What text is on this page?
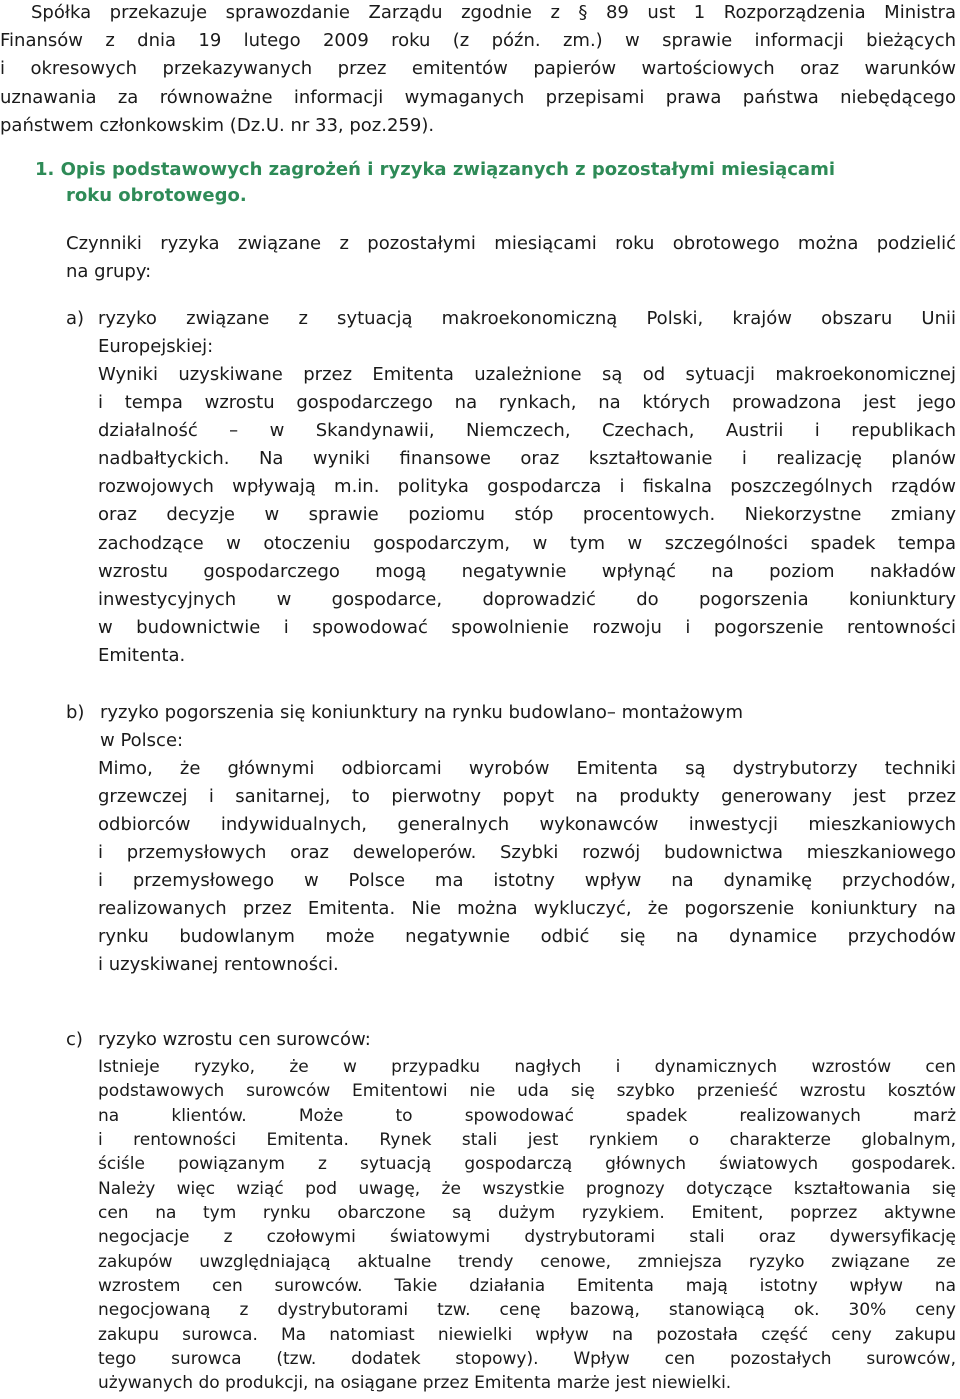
Spółka przekazuje sprawozdanie Zarządu zgodnie z § 89 ust 1 Rozporządzenia Ministra
Finansów z dnia 19 lutego 2009 roku (z późn. zm.) w sprawie informacji bieżących
i okresowych przekazywanych przez emitentów papierów wartościowych oraz warunków
uznawania za równoważne informacji wymaganych przepisami prawa państwa niebędącego
państwem członkowskim (Dz.U. nr 33, poz.259).
1. Opis podstawowych zagrożeń i ryzyka związanych z pozostałymi miesiącami
roku obrotowego.
Czynniki ryzyka związane z pozostałymi miesiącami roku obrotowego można podzielić
na grupy:
a) ryzyko związane z sytuacją makroekonomiczną Polski, krajów obszaru Unii
Europejskiej:
Wyniki uzyskiwane przez Emitenta uzależnione są od sytuacji makroekonomicznej
i tempa wzrostu gospodarczego na rynkach, na których prowadzona jest jego
działalność – w Skandynawii, Niemczech, Czechach, Austrii i republikach
nadbałtyckich. Na wyniki finansowe oraz kształtowanie i realizację planów
rozwojowych wpływają m.in. polityka gospodarcza i fiskalna poszczególnych rządów
oraz decyzje w sprawie poziomu stóp procentowych. Niekorzystne zmiany
zachodzące w otoczeniu gospodarczym, w tym w szczególności spadek tempa
wzrostu gospodarczego mogą negatywnie wpłynąć na poziom nakładów
inwestycyjnych w gospodarce, doprowadzić do pogorszenia koniunktury
w budownictwie i spowodować spowolnienie rozwoju i pogorszenie rentowności
Emitenta.
b) ryzyko pogorszenia się koniunktury na rynku budowlano– montażowym
w Polsce:
Mimo, że głównymi odbiorcami wyrobów Emitenta są dystrybutorzy techniki
grzewczej i sanitarnej, to pierwotny popyt na produkty generowany jest przez
odbiorców indywidualnych, generalnych wykonawców inwestycji mieszkaniowych
i przemysłowych oraz deweloperów. Szybki rozwój budownictwa mieszkaniowego
i przemysłowego w Polsce ma istotny wpływ na dynamikę przychodów,
realizowanych przez Emitenta. Nie można wykluczyć, że pogorszenie koniunktury na
rynku budowlanym może negatywnie odbić się na dynamice przychodów
i uzyskiwanej rentowności.
c) ryzyko wzrostu cen surowców:
Istnieje ryzyko, że w przypadku nagłych i dynamicznych wzrostów cen
podstawowych surowców Emitentowi nie uda się szybko przenieść wzrostu kosztów
na klientów. Może to spowodować spadek realizowanych marż
i rentowności Emitenta. Rynek stali jest rynkiem o charakterze globalnym,
ściśle powiązanym z sytuacją gospodarczą głównych światowych gospodarek.
Należy więc wziąć pod uwagę, że wszystkie prognozy dotyczące kształtowania się
cen na tym rynku obarczone są dużym ryzykiem. Emitent, poprzez aktywne
negocjacje z czołowymi światowymi dystrybutorami stali oraz dywersyfikację
zakupów uwzględniającą aktualne trendy cenowe, zmniejsza ryzyko związane ze
wzrostem cen surowców. Takie działania Emitenta mają istotny wpływ na
negocjowaną z dystrybutorami tzw. cenę bazową, stanowiącą ok. 30% ceny
zakupu surowca. Ma natomiast niewielki wpływ na pozostała część ceny zakupu
tego surowca (tzw. dodatek stopowy). Wpływ cen pozostałych surowców,
używanych do produkcji, na osiągane przez Emitenta marże jest niewielki.
